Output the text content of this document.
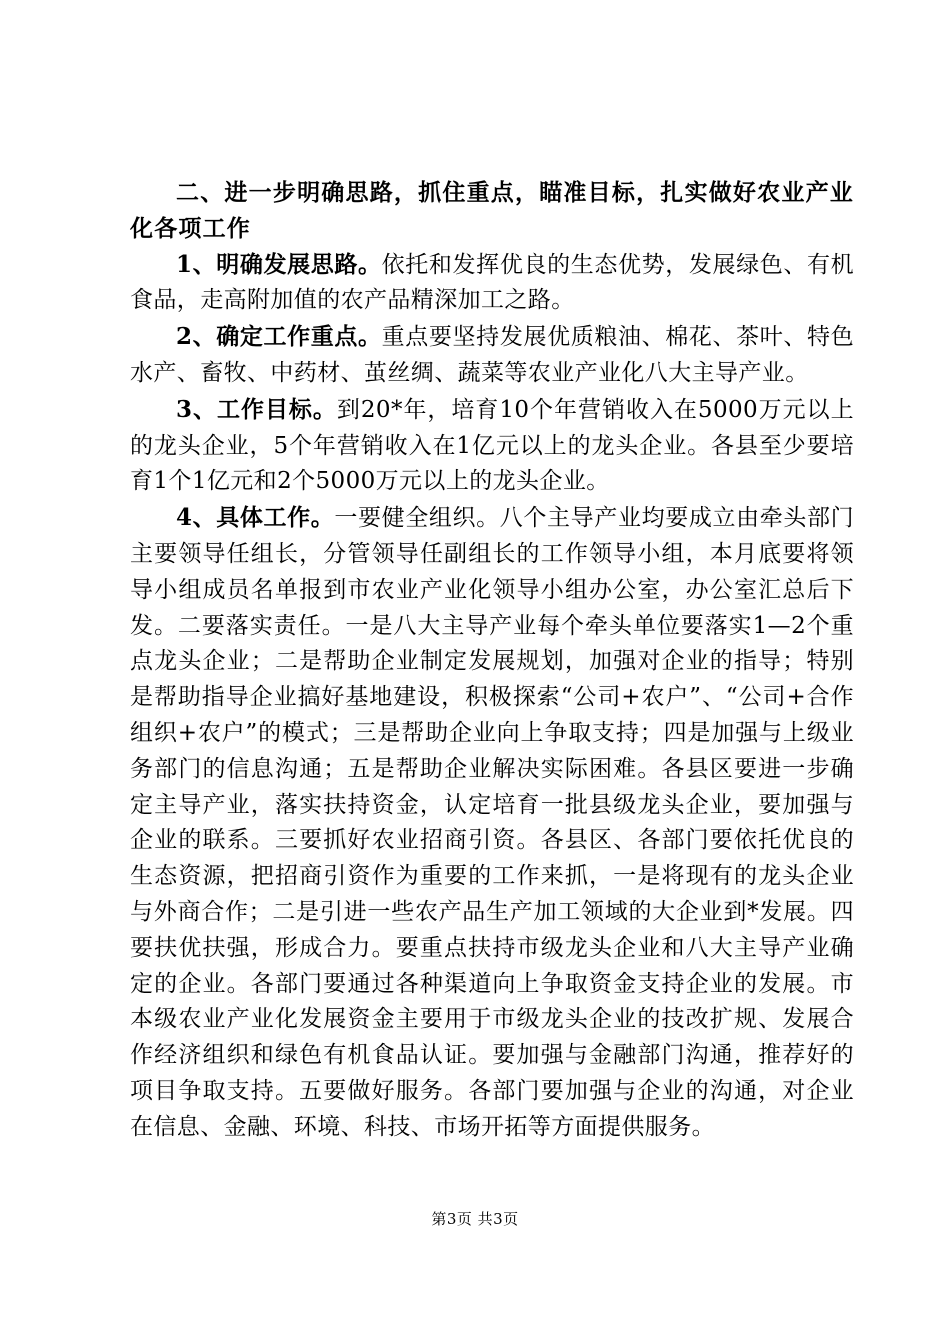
二、进一步明确思路，抓住重点，瞄准目标，扎实做好农业产业化各项工作

1、明确发展思路。依托和发挥优良的生态优势，发展绿色、有机食品，走高附加值的农产品精深加工之路。

2、确定工作重点。重点要坚持发展优质粮油、棉花、茶叶、特色水产、畜牧、中药材、茧丝绸、蔬菜等农业产业化八大主导产业。

3、工作目标。到20*年，培育10个年营销收入在5000万元以上的龙头企业，5个年营销收入在1亿元以上的龙头企业。各县至少要培育1个1亿元和2个5000万元以上的龙头企业。

4、具体工作。一要健全组织。八个主导产业均要成立由牵头部门主要领导任组长，分管领导任副组长的工作领导小组，本月底要将领导小组成员名单报到市农业产业化领导小组办公室，办公室汇总后下发。二要落实责任。一是八大主导产业每个牵头单位要落实1—2个重点龙头企业；二是帮助企业制定发展规划，加强对企业的指导；特别是帮助指导企业搞好基地建设，积极探索“公司+农户”、“公司+合作组织+农户”的模式；三是帮助企业向上争取支持；四是加强与上级业务部门的信息沟通；五是帮助企业解决实际困难。各县区要进一步确定主导产业，落实扶持资金，认定培育一批县级龙头企业，要加强与企业的联系。三要抓好农业招商引资。各县区、各部门要依托优良的生态资源，把招商引资作为重要的工作来抓，一是将现有的龙头企业与外商合作；二是引进一些农产品生产加工领域的大企业到*发展。四要扶优扶强，形成合力。要重点扶持市级龙头企业和八大主导产业确定的企业。各部门要通过各种渠道向上争取资金支持企业的发展。市本级农业产业化发展资金主要用于市级龙头企业的技改扩规、发展合作经济组织和绿色有机食品认证。要加强与金融部门沟通，推荐好的项目争取支持。五要做好服务。各部门要加强与企业的沟通，对企业在信息、金融、环境、科技、市场开拓等方面提供服务。

第3页 共3页
